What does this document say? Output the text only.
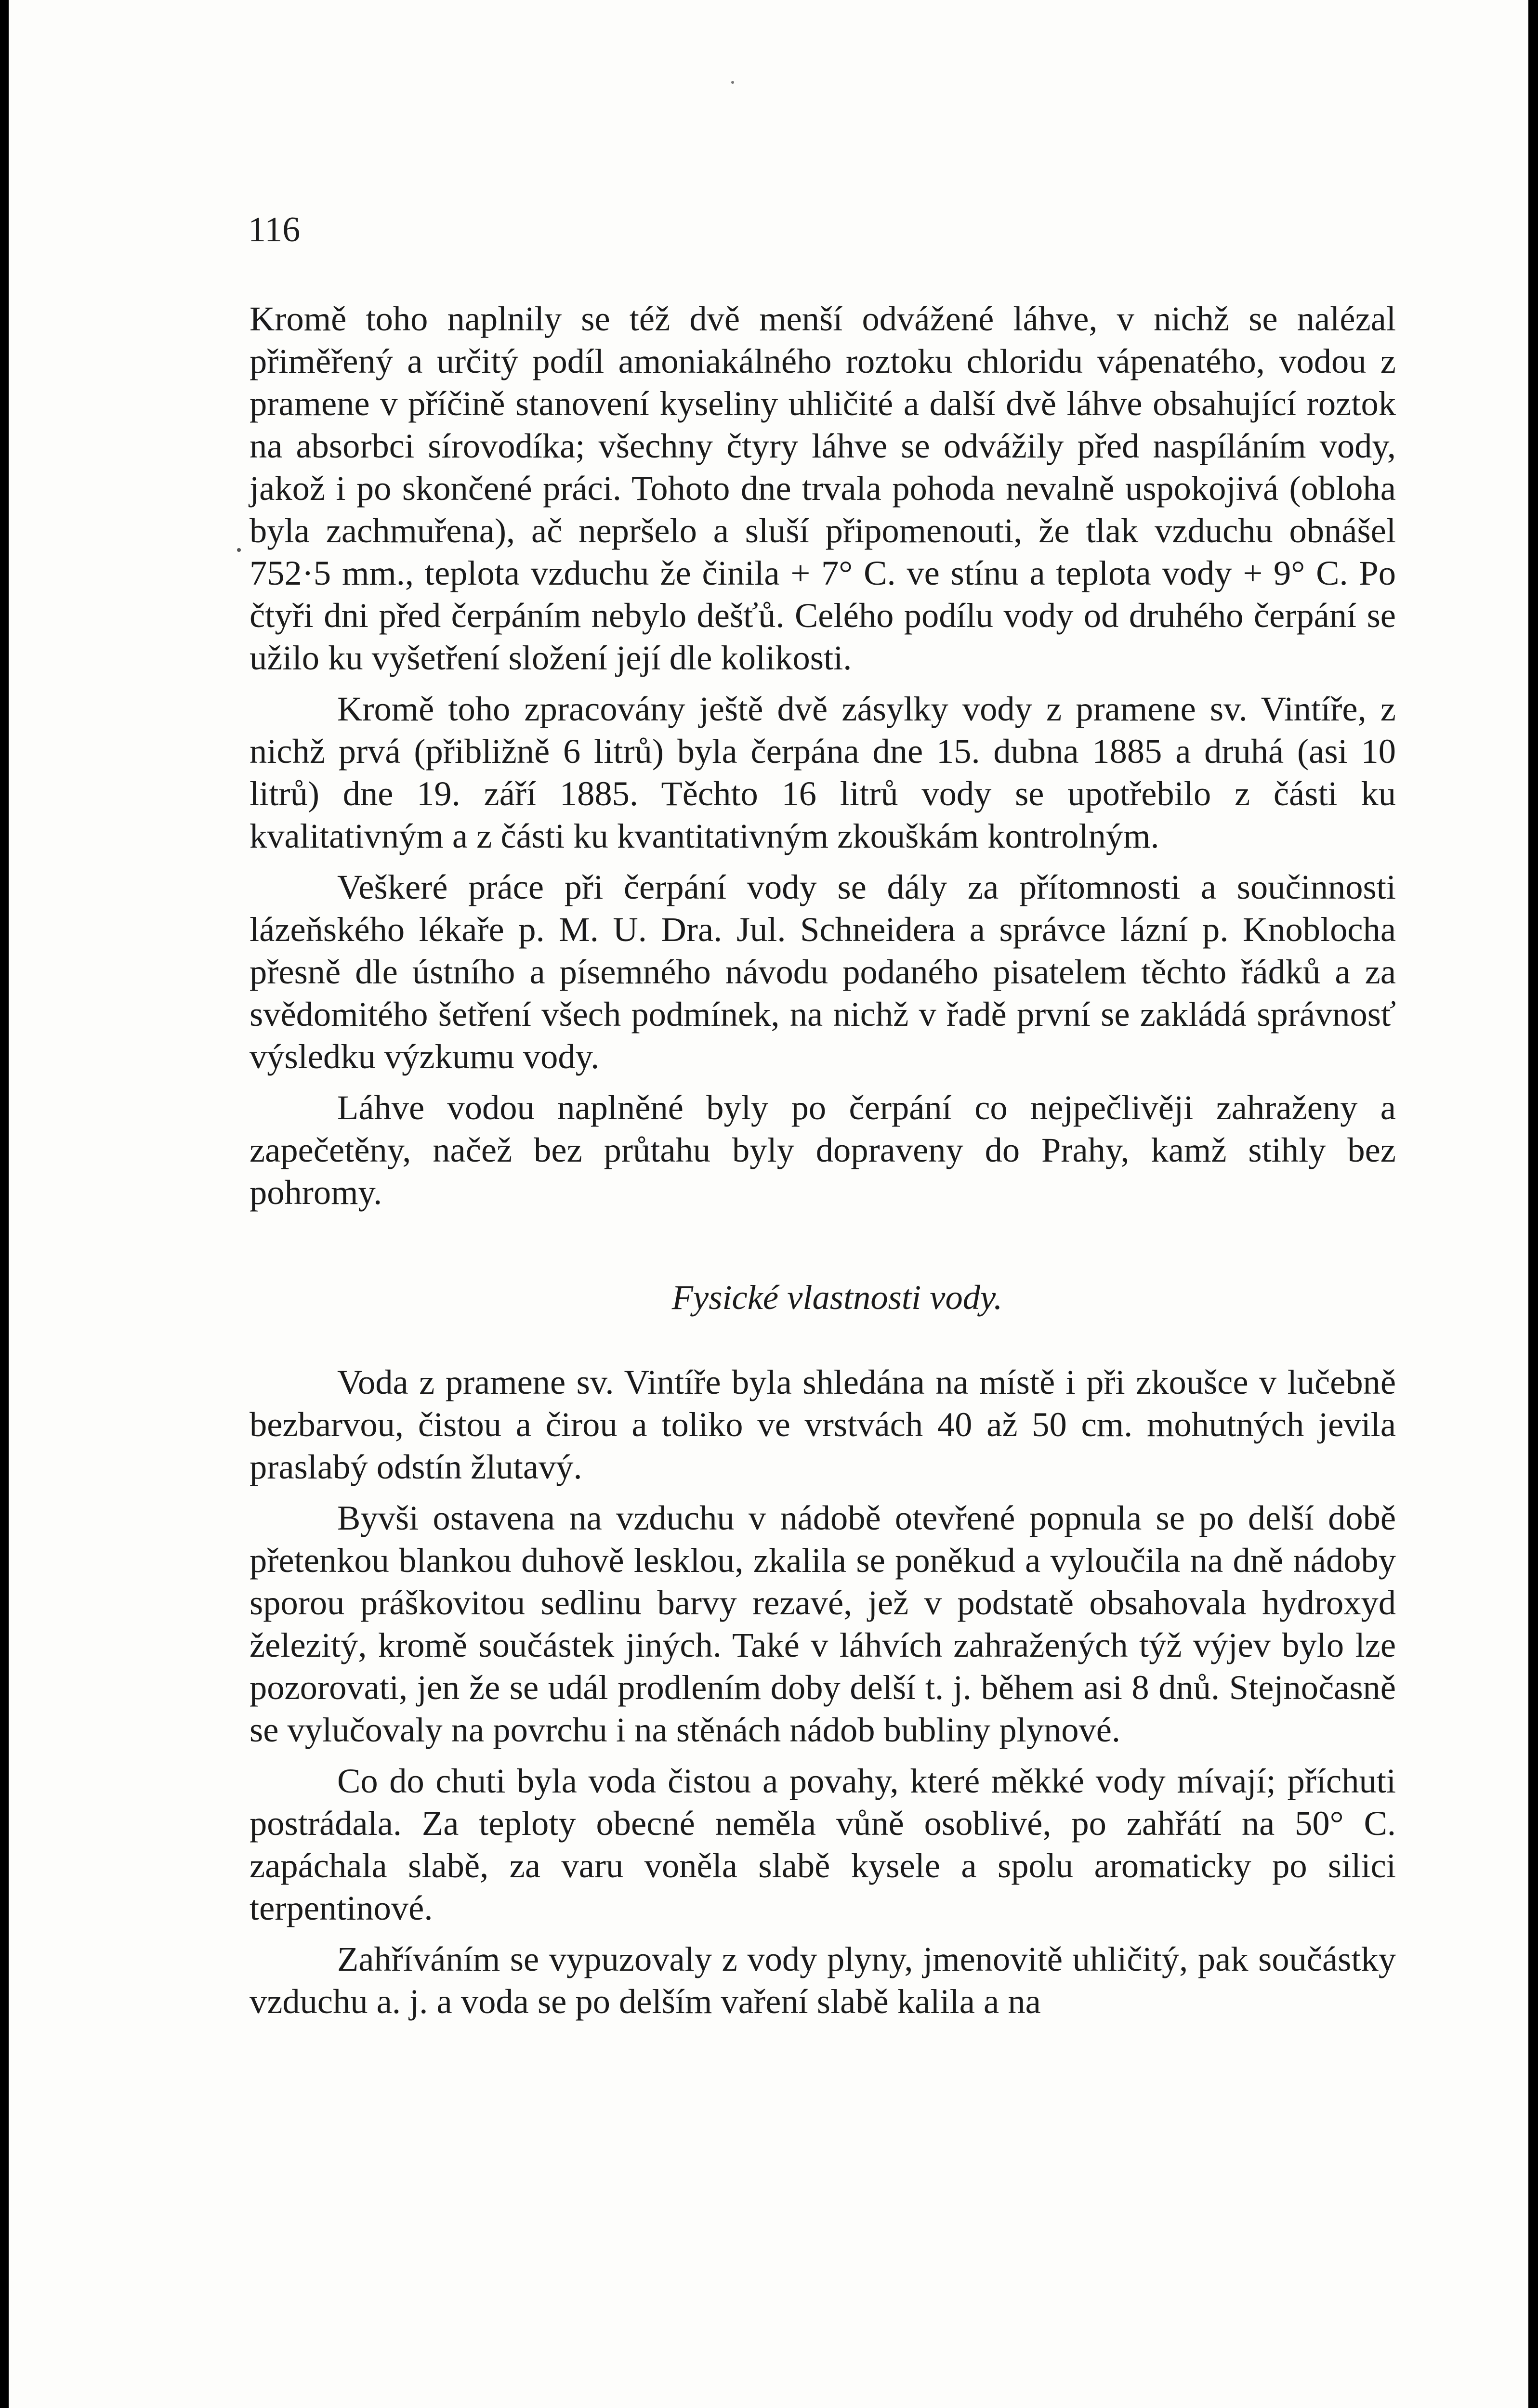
116

Kromě toho naplnily se též dvě menší odvážené láhve, v nichž se nalézal přiměřený a určitý podíl amoniakálného roztoku chloridu vápenatého, vodou z pramene v příčině stanovení kyseliny uhličité a další dvě láhve obsahující roztok na absorbci sírovodíka; všechny čtyry láhve se odvážily před naspíláním vody, jakož i po skončené práci. Tohoto dne trvala pohoda nevalně uspokojivá (obloha byla zachmuřena), ač nepršelo a sluší připomenouti, že tlak vzduchu obnášel 752·5 mm., teplota vzduchu že činila + 7° C. ve stínu a teplota vody + 9° C. Po čtyři dni před čerpáním nebylo dešťů. Celého podílu vody od druhého čerpání se užilo ku vyšetření složení její dle kolikosti.

Kromě toho zpracovány ještě dvě zásylky vody z pramene sv. Vintíře, z nichž prvá (přibližně 6 litrů) byla čerpána dne 15. dubna 1885 a druhá (asi 10 litrů) dne 19. září 1885. Těchto 16 litrů vody se upotřebilo z části ku kvalitativným a z části ku kvantitativným zkouškám kontrolným.

Veškeré práce při čerpání vody se dály za přítomnosti a součinnosti lázeňského lékaře p. M. U. Dra. Jul. Schneidera a správce lázní p. Knoblocha přesně dle ústního a písemného návodu podaného pisatelem těchto řádků a za svědomitého šetření všech podmínek, na nichž v řadě první se zakládá správnosť výsledku výzkumu vody.

Láhve vodou naplněné byly po čerpání co nejpečlivěji zahraženy a zapečetěny, načež bez průtahu byly dopraveny do Prahy, kamž stihly bez pohromy.

Fysické vlastnosti vody.

Voda z pramene sv. Vintíře byla shledána na místě i při zkoušce v lučebně bezbarvou, čistou a čirou a toliko ve vrstvách 40 až 50 cm. mohutných jevila praslabý odstín žlutavý.

Byvši ostavena na vzduchu v nádobě otevřené popnula se po delší době přetenkou blankou duhově lesklou, zkalila se poněkud a vyloučila na dně nádoby sporou práškovitou sedlinu barvy rezavé, jež v podstatě obsahovala hydroxyd železitý, kromě součástek jiných. Také v láhvích zahražených týž výjev bylo lze pozorovati, jen že se udál prodlením doby delší t. j. během asi 8 dnů. Stejnočasně se vylučovaly na povrchu i na stěnách nádob bubliny plynové.

Co do chuti byla voda čistou a povahy, které měkké vody mívají; příchuti postrádala. Za teploty obecné neměla vůně osoblivé, po zahřátí na 50° C. zapáchala slabě, za varu voněla slabě kysele a spolu aromaticky po silici terpentinové.

Zahříváním se vypuzovaly z vody plyny, jmenovitě uhličitý, pak součástky vzduchu a. j. a voda se po delším vaření slabě kalila a na
